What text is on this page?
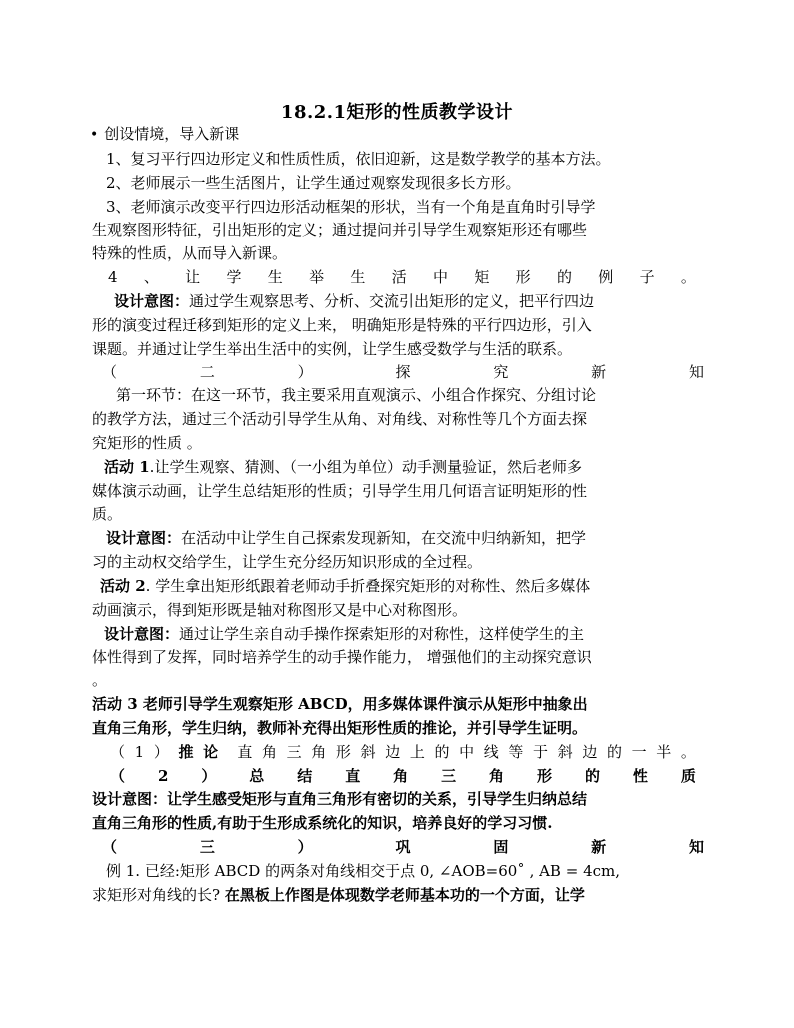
18.2.1矩形的性质教学设计
• 创设情境，导入新课
1、复习平行四边形定义和性质性质，依旧迎新，这是数学教学的基本方法。
2、老师展示一些生活图片，让学生通过观察发现很多长方形。
3、老师演示改变平行四边形活动框架的形状，当有一个角是直角时引导学
生观察图形特征，引出矩形的定义；通过提问并引导学生观察矩形还有哪些
特殊的性质，从而导入新课。
4 、 让 学 生 举 生 活 中 矩 形 的 例 子 。
设计意图：通过学生观察思考、分析、交流引出矩形的定义，把平行四边
形的演变过程迁移到矩形的定义上来， 明确矩形是特殊的平行四边形，引入
课题。并通过让学生举出生活中的实例，让学生感受数学与生活的联系。
（	二	）	探	究	新	知
第一环节：在这一环节，我主要采用直观演示、小组合作探究、分组讨论
的教学方法，通过三个活动引导学生从角、对角线、对称性等几个方面去探
究矩形的性质 。
活动 1.让学生观察、猜测、（一小组为单位）动手测量验证，然后老师多
媒体演示动画，让学生总结矩形的性质；引导学生用几何语言证明矩形的性
质。
设计意图：在活动中让学生自己探索发现新知，在交流中归纳新知，把学
习的主动权交给学生，让学生充分经历知识形成的全过程。
活动 2. 学生拿出矩形纸跟着老师动手折叠探究矩形的对称性、然后多媒体
动画演示，得到矩形既是轴对称图形又是中心对称图形。
设计意图：通过让学生亲自动手操作探索矩形的对称性，这样使学生的主
体性得到了发挥，同时培养学生的动手操作能力， 增强他们的主动探究意识
。
活动 3 老师引导学生观察矩形 ABCD，用多媒体课件演示从矩形中抽象出
直角三角形，学生归纳，教师补充得出矩形性质的推论，并引导学生证明。
（ 1 ） 推 论 直 角 三 角 形 斜 边 上 的 中 线 等 于 斜 边 的 一 半 。
（ 2 ） 总 结 直 角 三 角 形 的 性 质
设计意图：让学生感受矩形与直角三角形有密切的关系，引导学生归纳总结
直角三角形的性质,有助于生形成系统化的知识，培养良好的学习习惯.
（	三	）	巩	固	新	知
例 1. 已经:矩形 ABCD 的两条对角线相交于点 0, ∠AOB=60˚ , AB = 4cm,
求矩形对角线的长? 在黑板上作图是体现数学老师基本功的一个方面，让学
